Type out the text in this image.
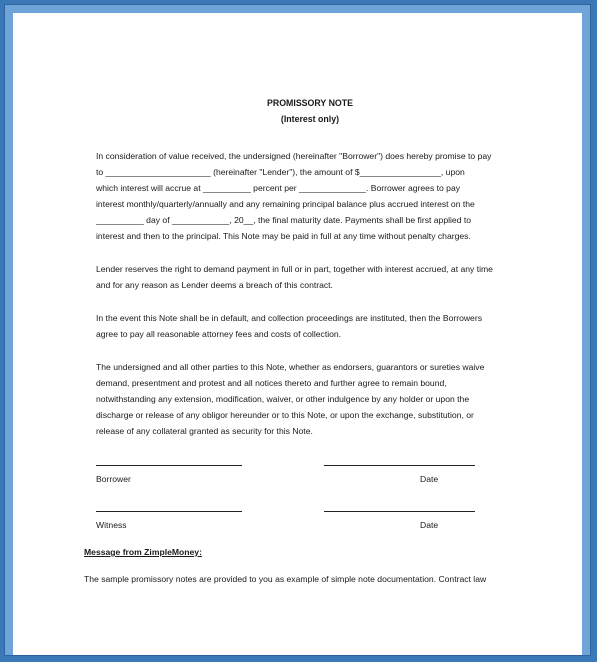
PROMISSORY NOTE
(Interest only)

In consideration of value received, the undersigned (hereinafter "Borrower") does hereby promise to pay

to ______________________ (hereinafter "Lender"), the amount of $_________________, upon

which interest will accrue at __________ percent per ______________. Borrower agrees to pay

interest monthly/quarterly/annually and any remaining principal balance plus accrued interest on the

__________ day of ____________, 20__, the final maturity date. Payments shall be first applied to

interest and then to the principal. This Note may be paid in full at any time without penalty charges.

Lender reserves the right to demand payment in full or in part, together with interest accrued, at any time

and for any reason as Lender deems a breach of this contract.

In the event this Note shall be in default, and collection proceedings are instituted, then the Borrowers

agree to pay all reasonable attorney fees and costs of collection.

The undersigned and all other parties to this Note, whether as endorsers, guarantors or sureties waive

demand, presentment and protest and all notices thereto and further agree to remain bound,

notwithstanding any extension, modification, waiver, or other indulgence by any holder or upon the

discharge or release of any obligor hereunder or to this Note, or upon the exchange, substitution, or

release of any collateral granted as security for this Note.

Borrower	Date
Witness	Date
Message from ZimpleMoney:
The sample promissory notes are provided to you as example of simple note documentation. Contract law
